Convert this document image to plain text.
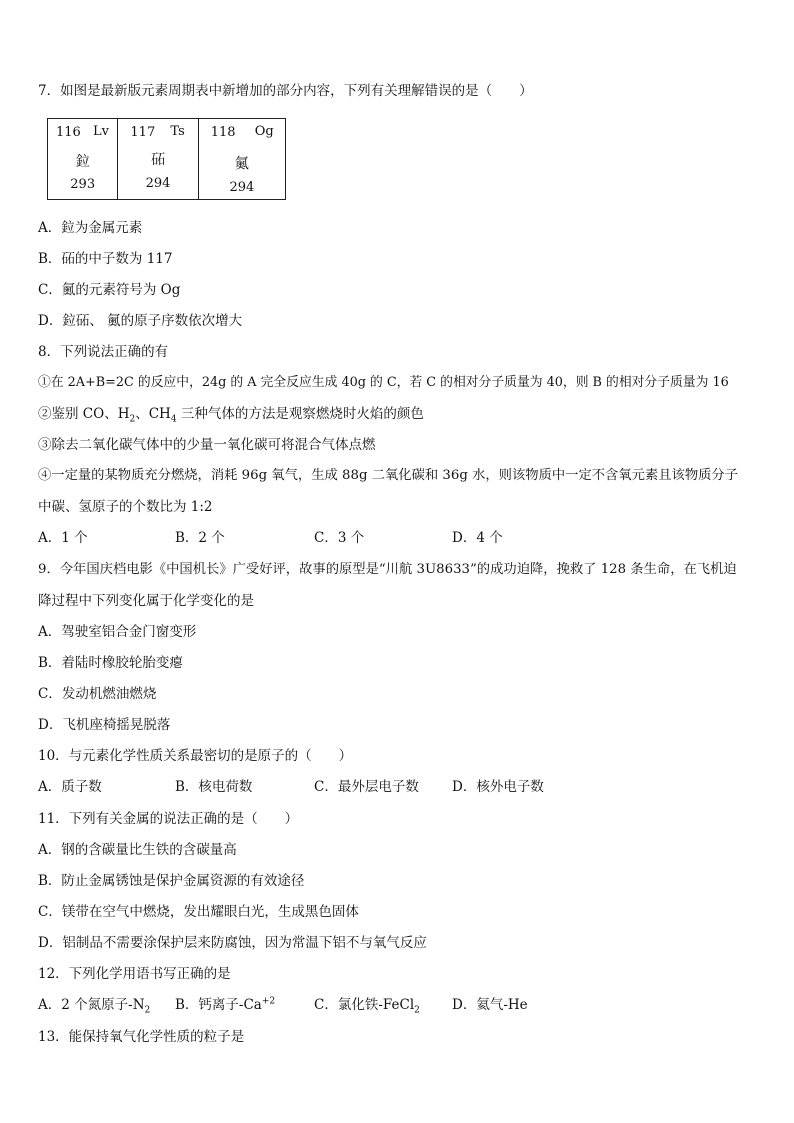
7．如图是最新版元素周期表中新增加的部分内容，下列有关理解错误的是（　　）
116 Lv
鉝
293

117 Ts
砳
294

118 Og
鿫
294
A．鉝为金属元素
B．砳的中子数为 117
C．鿫的元素符号为 Og
D．鉝砳、 鿫的原子序数依次增大
8．下列说法正确的有
①在 2A+B=2C 的反应中，24g 的 A 完全反应生成 40g 的 C，若 C 的相对分子质量为 40，则 B 的相对分子质量为 16
②鉴别 CO、$H_2$、$CH_4$ 三种气体的方法是观察燃烧时火焰的颜色
③除去二氧化碳气体中的少量一氧化碳可将混合气体点燃
④一定量的某物质充分燃烧，消耗 96g 氧气，生成 88g 二氧化碳和 36g 水，则该物质中一定不含氧元素且该物质分子
中碳、氢原子的个数比为 1:2
A．1 个	B．2 个	C．3 个	D．4 个
9．今年国庆档电影《中国机长》广受好评，故事的原型是“川航 3U8633”的成功迫降，挽救了 128 条生命，在飞机迫
降过程中下列变化属于化学变化的是
A．驾驶室铝合金门窗变形
B．着陆时橡胶轮胎变瘪
C．发动机燃油燃烧
D．飞机座椅摇晃脱落
10．与元素化学性质关系最密切的是原子的（　　）
A．质子数	B．核电荷数	C．最外层电子数 D．核外电子数
11．下列有关金属的说法正确的是（　　）
A．钢的含碳量比生铁的含碳量高
B．防止金属锈蚀是保护金属资源的有效途径
C．镁带在空气中燃烧，发出耀眼白光，生成黑色固体
D．铝制品不需要涂保护层来防腐蚀，因为常温下铝不与氧气反应
12．下列化学用语书写正确的是
A．2 个氮原子$-N_2$ B．钙离子$-Ca^{+2}$	C．氯化铁-FeCl$_2$ D．氦气-He
13．能保持氧气化学性质的粒子是
